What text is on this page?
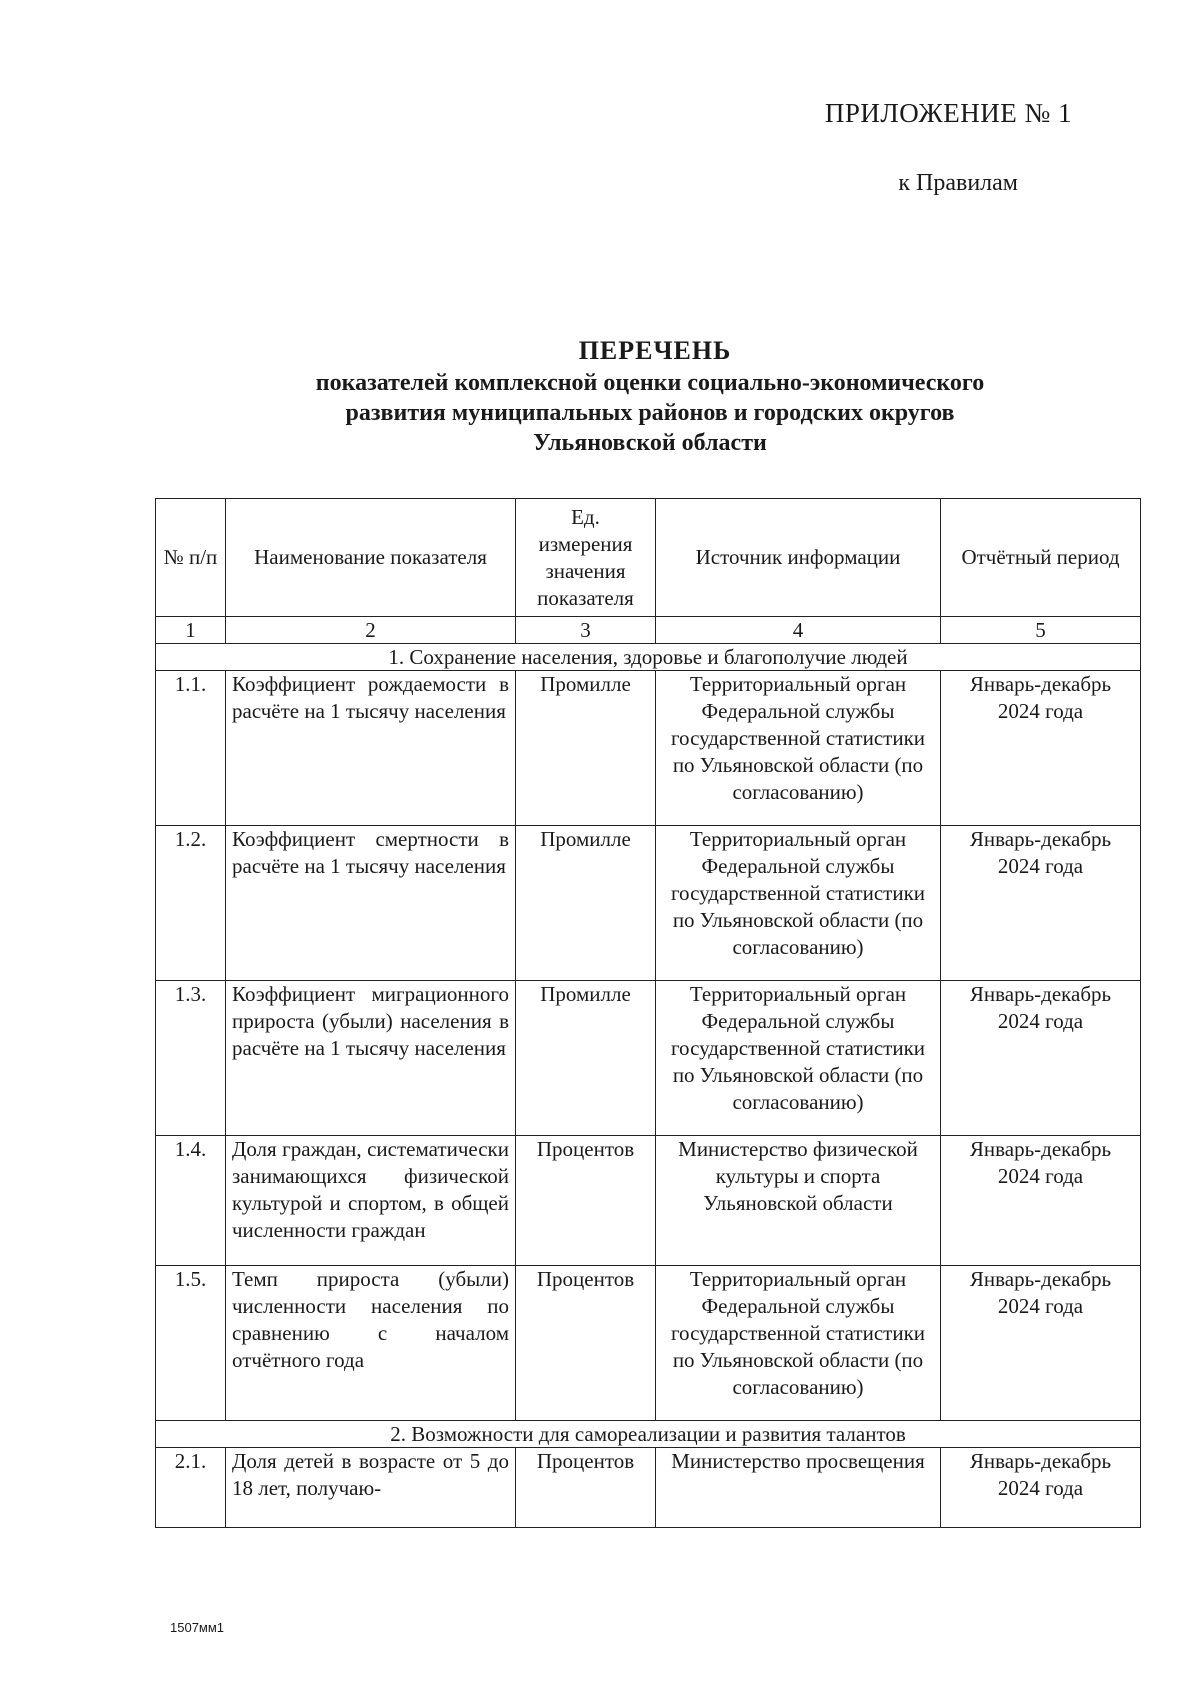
ПРИЛОЖЕНИЕ № 1
к Правилам
ПЕРЕЧЕНЬ
показателей комплексной оценки социально-экономического
развития муниципальных районов и городских округов
Ульяновской области
№ п/п	Наименование показателя	Ед. измерения значения показателя	Источник информации	Отчётный период
1	2	3	4	5
1. Сохранение населения, здоровье и благополучие людей				
1.1.	Коэффициент рождаемости в расчёте на 1 тысячу населения	Промилле	Территориальный орган Федеральной службы государственной статистики по Ульяновской области (по согласованию)	Январь-декабрь 2024 года
1.2.	Коэффициент смертности в расчёте на 1 тысячу населения	Промилле	Территориальный орган Федеральной службы государственной статистики по Ульяновской области (по согласованию)	Январь-декабрь 2024 года
1.3.	Коэффициент миграционного прироста (убыли) населения в расчёте на 1 тысячу населения	Промилле	Территориальный орган Федеральной службы государственной статистики по Ульяновской области (по согласованию)	Январь-декабрь 2024 года
1.4.	Доля граждан, систематически занимающихся физической культурой и спортом, в общей численности граждан	Процентов	Министерство физической культуры и спорта Ульяновской области	Январь-декабрь 2024 года
1.5.	Темп прироста (убыли) численности населения по сравнению с началом отчётного года	Процентов	Территориальный орган Федеральной службы государственной статистики по Ульяновской области (по согласованию)	Январь-декабрь 2024 года
2. Возможности для самореализации и развития талантов				
2.1.	Доля детей в возрасте от 5 до 18 лет, получаю-	Процентов	Министерство просвещения	Январь-декабрь 2024 года
1507мм1
